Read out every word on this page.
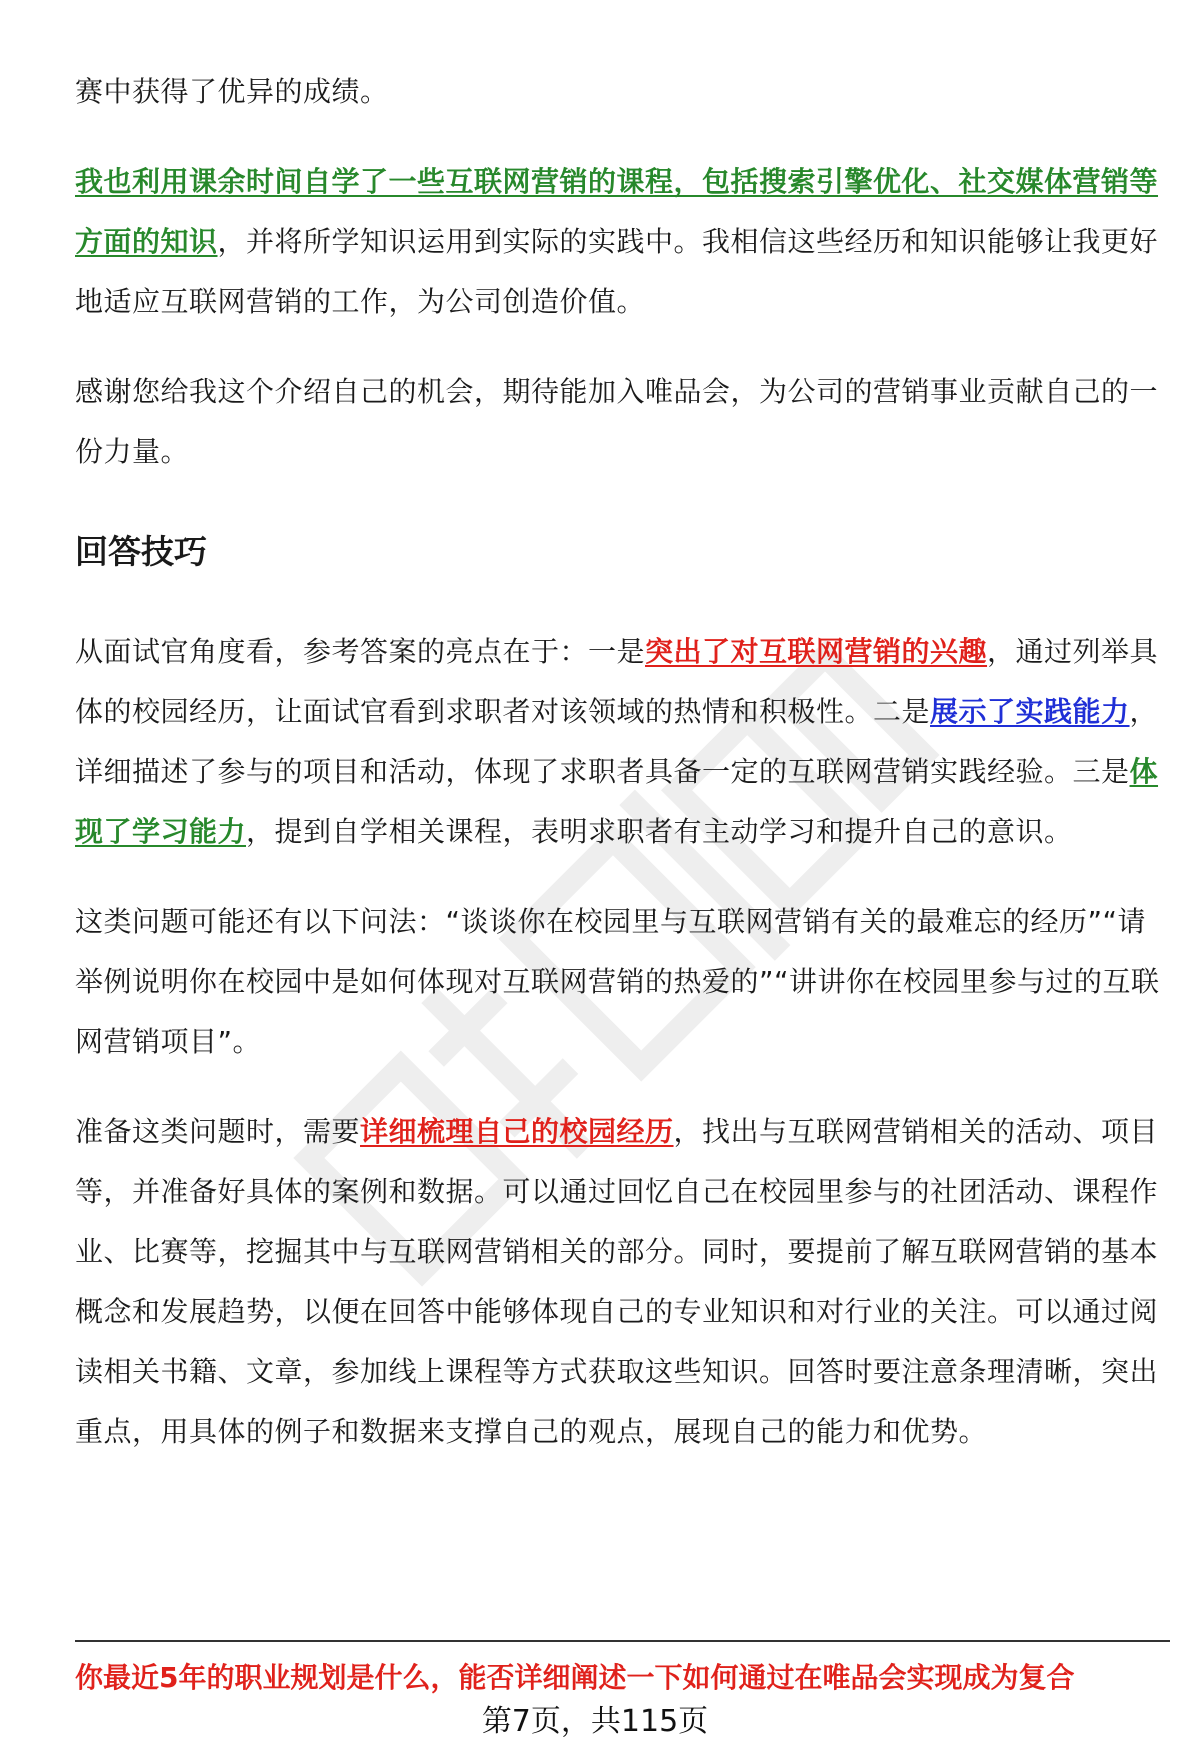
赛中获得了优异的成绩。

我也利用课余时间自学了一些互联网营销的课程，包括搜索引擎优化、社交媒体营销等方面的知识，并将所学知识运用到实际的实践中。我相信这些经历和知识能够让我更好地适应互联网营销的工作，为公司创造价值。

感谢您给我这个介绍自己的机会，期待能加入唯品会，为公司的营销事业贡献自己的一份力量。

回答技巧

从面试官角度看，参考答案的亮点在于：一是突出了对互联网营销的兴趣，通过列举具体的校园经历，让面试官看到求职者对该领域的热情和积极性。二是展示了实践能力，详细描述了参与的项目和活动，体现了求职者具备一定的互联网营销实践经验。三是体现了学习能力，提到自学相关课程，表明求职者有主动学习和提升自己的意识。

这类问题可能还有以下问法：“谈谈你在校园里与互联网营销有关的最难忘的经历”“请举例说明你在校园中是如何体现对互联网营销的热爱的”“讲讲你在校园里参与过的互联网营销项目”。

准备这类问题时，需要详细梳理自己的校园经历，找出与互联网营销相关的活动、项目等，并准备好具体的案例和数据。可以通过回忆自己在校园里参与的社团活动、课程作业、比赛等，挖掘其中与互联网营销相关的部分。同时，要提前了解互联网营销的基本概念和发展趋势，以便在回答中能够体现自己的专业知识和对行业的关注。可以通过阅读相关书籍、文章，参加线上课程等方式获取这些知识。回答时要注意条理清晰，突出重点，用具体的例子和数据来支撑自己的观点，展现自己的能力和优势。

你最近5年的职业规划是什么，能否详细阐述一下如何通过在唯品会实现成为复合
第7页，共115页
